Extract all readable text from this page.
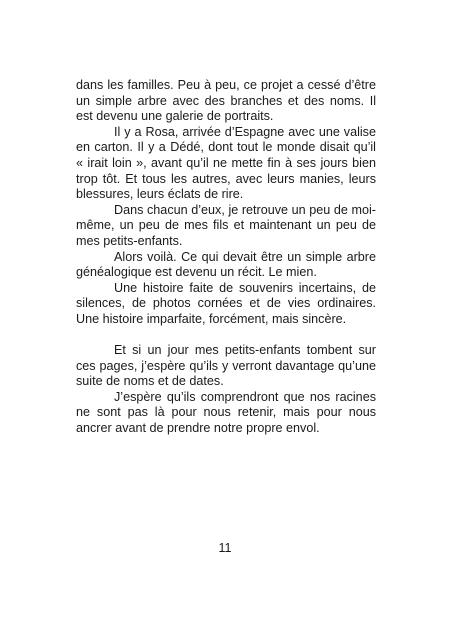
dans les familles. Peu à peu, ce projet a cessé d’être un simple arbre avec des branches et des noms. Il est devenu une galerie de portraits.

Il y a Rosa, arrivée d’Espagne avec une valise en carton. Il y a Dédé, dont tout le monde disait qu’il « irait loin », avant qu’il ne mette fin à ses jours bien trop tôt. Et tous les autres, avec leurs manies, leurs blessures, leurs éclats de rire.

Dans chacun d’eux, je retrouve un peu de moi-même, un peu de mes fils et maintenant un peu de mes petits-enfants.

Alors voilà. Ce qui devait être un simple arbre généalogique est devenu un récit. Le mien.

Une histoire faite de souvenirs incertains, de silences, de photos cornées et de vies ordinaires. Une histoire imparfaite, forcément, mais sincère.

Et si un jour mes petits-enfants tombent sur ces pages, j’espère qu’ils y verront davantage qu’une suite de noms et de dates.

J’espère qu’ils comprendront que nos racines ne sont pas là pour nous retenir, mais pour nous ancrer avant de prendre notre propre envol.

11
